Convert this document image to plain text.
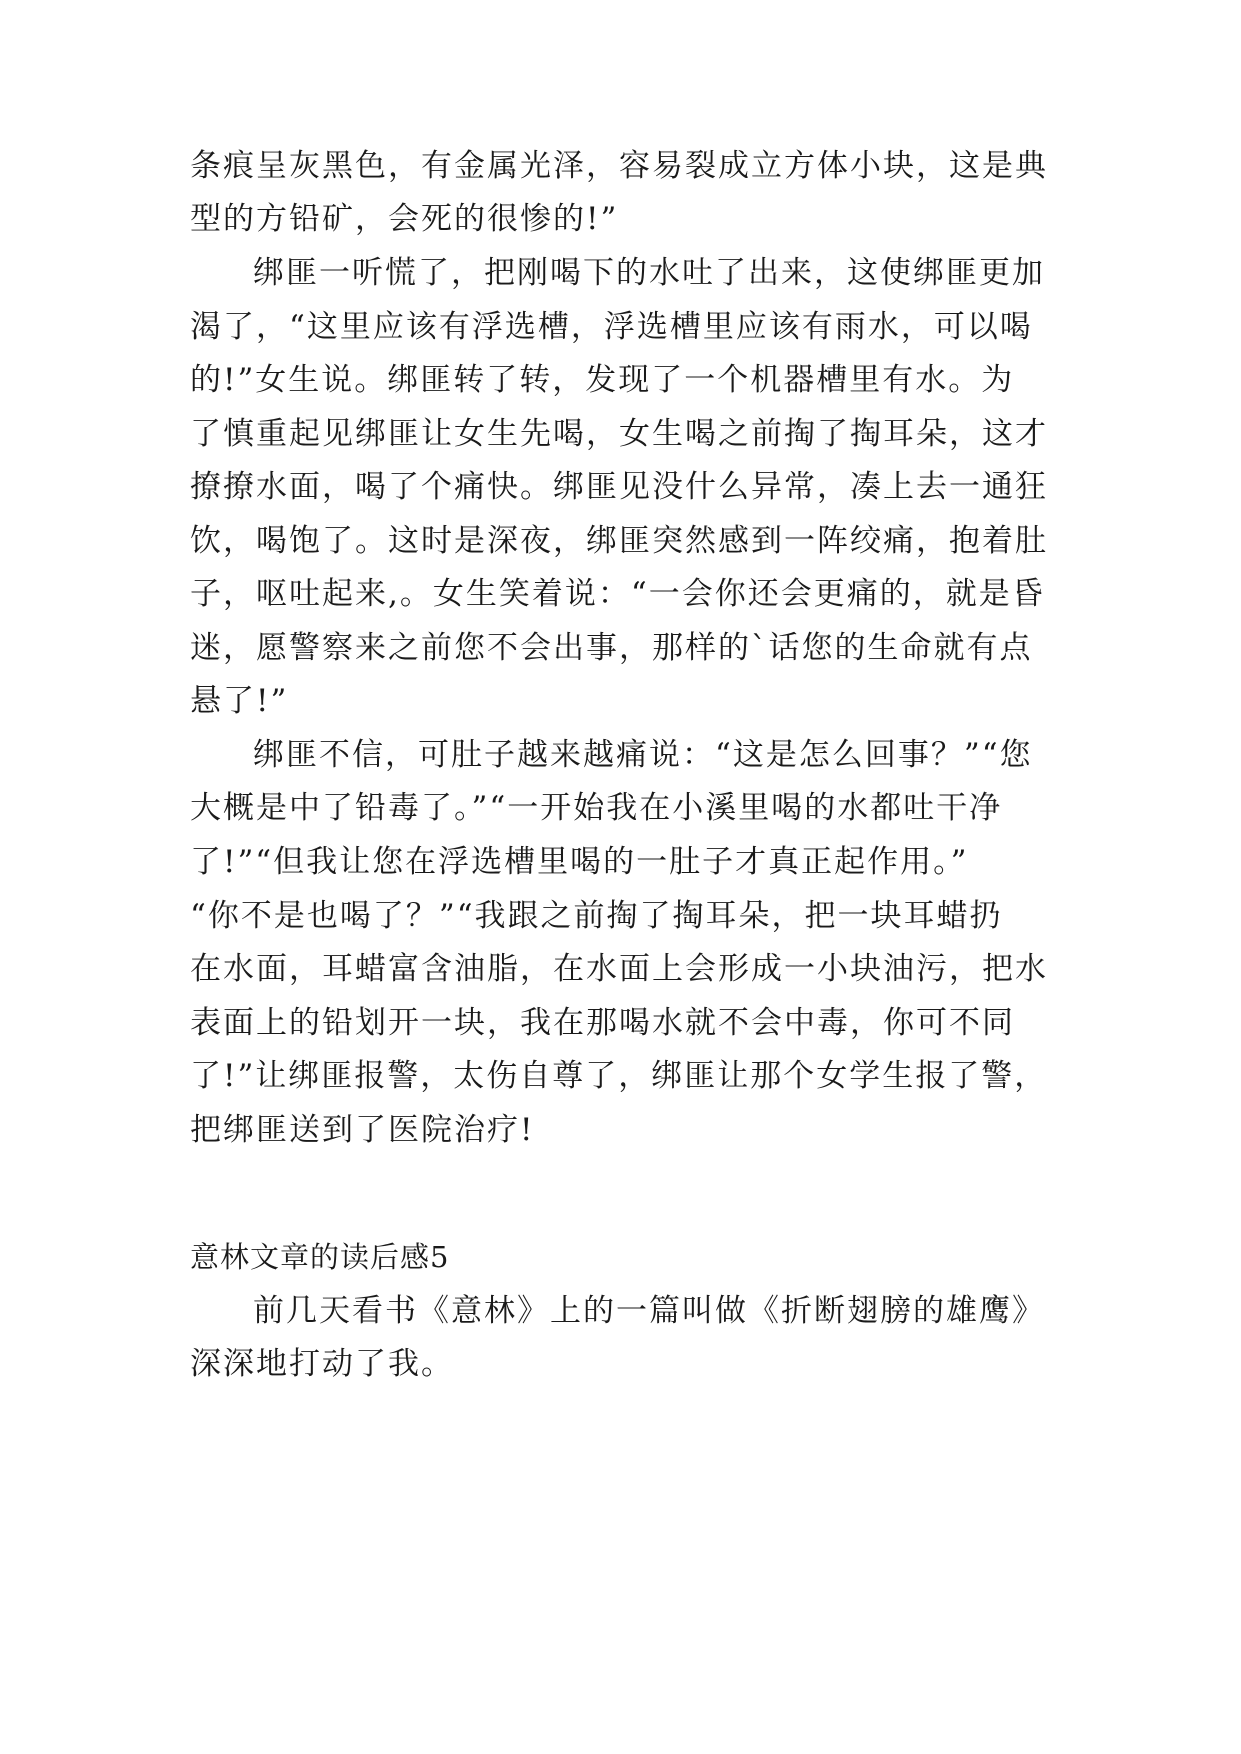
条痕呈灰黑色，有金属光泽，容易裂成立方体小块，这是典
型的方铅矿，会死的很惨的!”
绑匪一听慌了，把刚喝下的水吐了出来，这使绑匪更加
渴了，“这里应该有浮选槽，浮选槽里应该有雨水，可以喝
的!”女生说。绑匪转了转，发现了一个机器槽里有水。为
了慎重起见绑匪让女生先喝，女生喝之前掏了掏耳朵，这才
撩撩水面，喝了个痛快。绑匪见没什么异常，凑上去一通狂
饮，喝饱了。这时是深夜，绑匪突然感到一阵绞痛，抱着肚
子，呕吐起来,。女生笑着说：“一会你还会更痛的，就是昏
迷，愿警察来之前您不会出事，那样的`话您的生命就有点
悬了!”
绑匪不信，可肚子越来越痛说：“这是怎么回事？”“您
大概是中了铅毒了。”“一开始我在小溪里喝的水都吐干净
了!”“但我让您在浮选槽里喝的一肚子才真正起作用。”
“你不是也喝了？”“我跟之前掏了掏耳朵，把一块耳蜡扔
在水面，耳蜡富含油脂，在水面上会形成一小块油污，把水
表面上的铅划开一块，我在那喝水就不会中毒，你可不同
了!”让绑匪报警，太伤自尊了，绑匪让那个女学生报了警，
把绑匪送到了医院治疗!
意林文章的读后感5
前几天看书《意林》上的一篇叫做《折断翅膀的雄鹰》
深深地打动了我。
